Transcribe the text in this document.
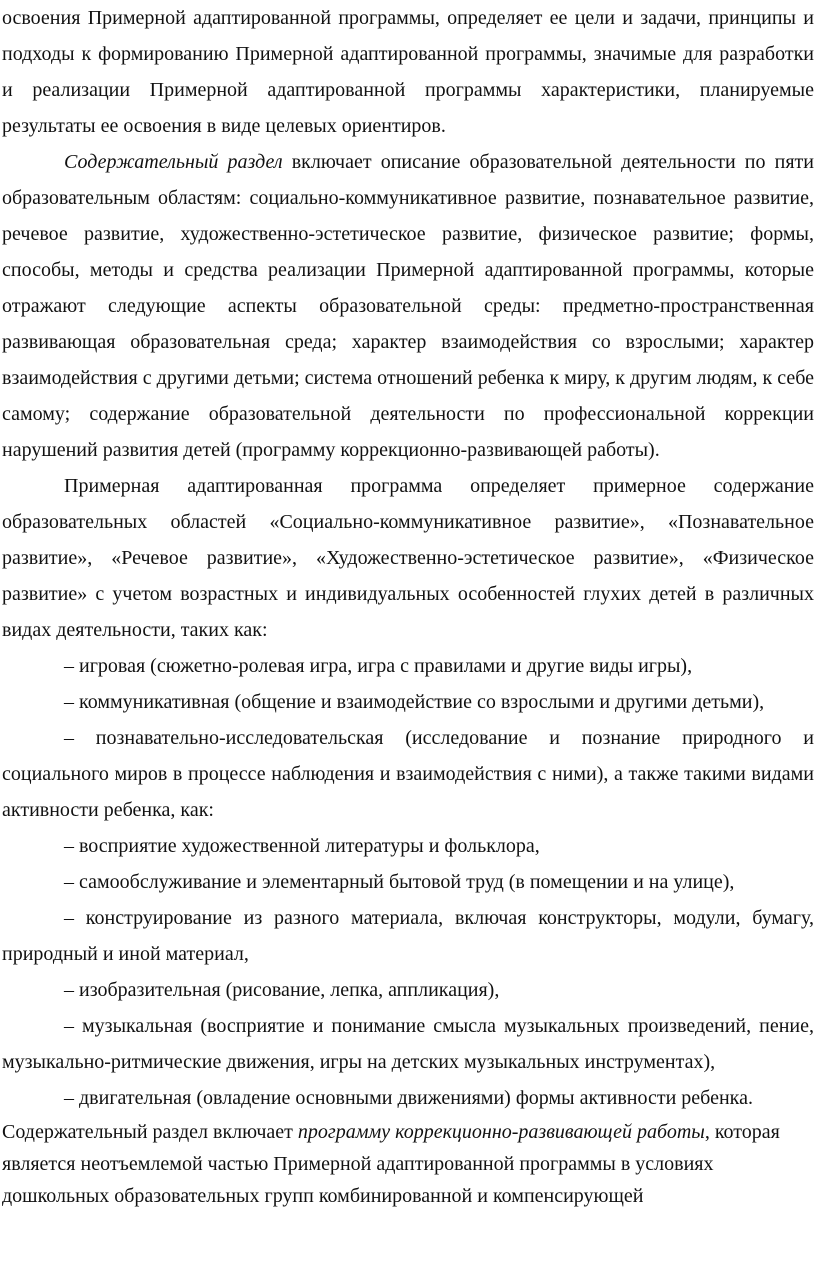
освоения Примерной адаптированной программы, определяет ее цели и задачи, принципы и подходы к формированию Примерной адаптированной программы, значимые для разработки и реализации Примерной адаптированной программы характеристики, планируемые результаты ее освоения в виде целевых ориентиров.

Содержательный раздел включает описание образовательной деятельности по пяти образовательным областям: социально-коммуникативное развитие, познавательное развитие, речевое развитие, художественно-эстетическое развитие, физическое развитие; формы, способы, методы и средства реализации Примерной адаптированной программы, которые отражают следующие аспекты образовательной среды: предметно-пространственная развивающая образовательная среда; характер взаимодействия со взрослыми; характер взаимодействия с другими детьми; система отношений ребенка к миру, к другим людям, к себе самому; содержание образовательной деятельности по профессиональной коррекции нарушений развития детей (программу коррекционно-развивающей работы).

Примерная адаптированная программа определяет примерное содержание образовательных областей «Социально-коммуникативное развитие», «Познавательное развитие», «Речевое развитие», «Художественно-эстетическое развитие», «Физическое развитие» с учетом возрастных и индивидуальных особенностей глухих детей в различных видах деятельности, таких как:

– игровая (сюжетно-ролевая игра, игра с правилами и другие виды игры),

– коммуникативная (общение и взаимодействие со взрослыми и другими детьми),

– познавательно-исследовательская (исследование и познание природного и социального миров в процессе наблюдения и взаимодействия с ними), а также такими видами активности ребенка, как:

– восприятие художественной литературы и фольклора,

– самообслуживание и элементарный бытовой труд (в помещении и на улице),

– конструирование из разного материала, включая конструкторы, модули, бумагу, природный и иной материал,

– изобразительная (рисование, лепка, аппликация),

– музыкальная (восприятие и понимание смысла музыкальных произведений, пение, музыкально-ритмические движения, игры на детских музыкальных инструментах),

– двигательная (овладение основными движениями) формы активности ребенка.

Содержательный раздел включает программу коррекционно-развивающей работы, которая является неотъемлемой частью Примерной адаптированной программы в условиях дошкольных образовательных групп комбинированной и компенсирующей
